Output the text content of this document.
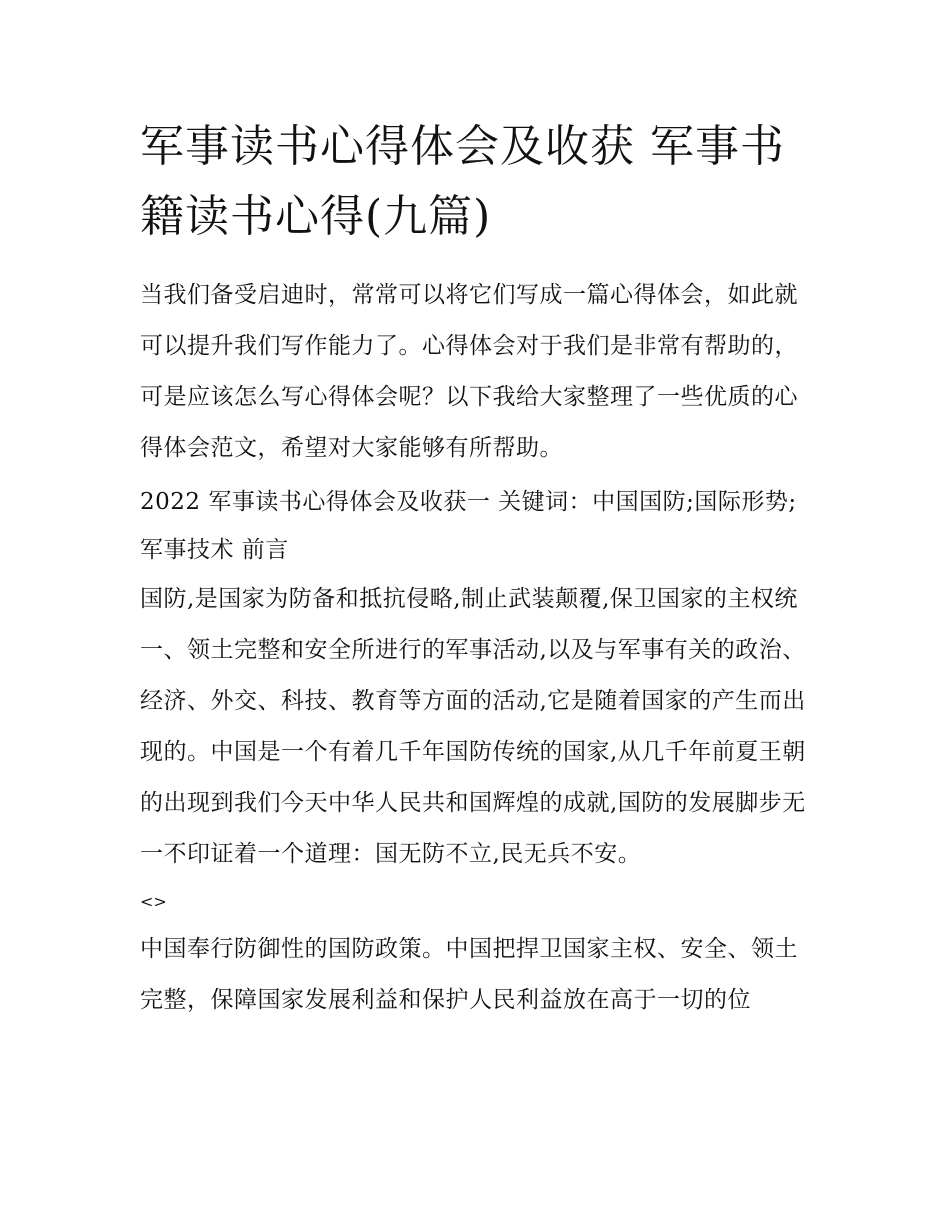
军事读书心得体会及收获 军事书籍读书心得(九篇)

当我们备受启迪时，常常可以将它们写成一篇心得体会，如此就可以提升我们写作能力了。心得体会对于我们是非常有帮助的，可是应该怎么写心得体会呢？以下我给大家整理了一些优质的心得体会范文，希望对大家能够有所帮助。

2022 军事读书心得体会及收获一 关键词：中国国防;国际形势;军事技术 前言

国防,是国家为防备和抵抗侵略,制止武装颠覆,保卫国家的主权统一、领土完整和安全所进行的军事活动,以及与军事有关的政治、经济、外交、科技、教育等方面的活动,它是随着国家的产生而出现的。中国是一个有着几千年国防传统的国家,从几千年前夏王朝的出现到我们今天中华人民共和国辉煌的成就,国防的发展脚步无一不印证着一个道理：国无防不立,民无兵不安。

<>

中国奉行防御性的国防政策。中国把捍卫国家主权、安全、领土完整，保障国家发展利益和保护人民利益放在高于一切的位
